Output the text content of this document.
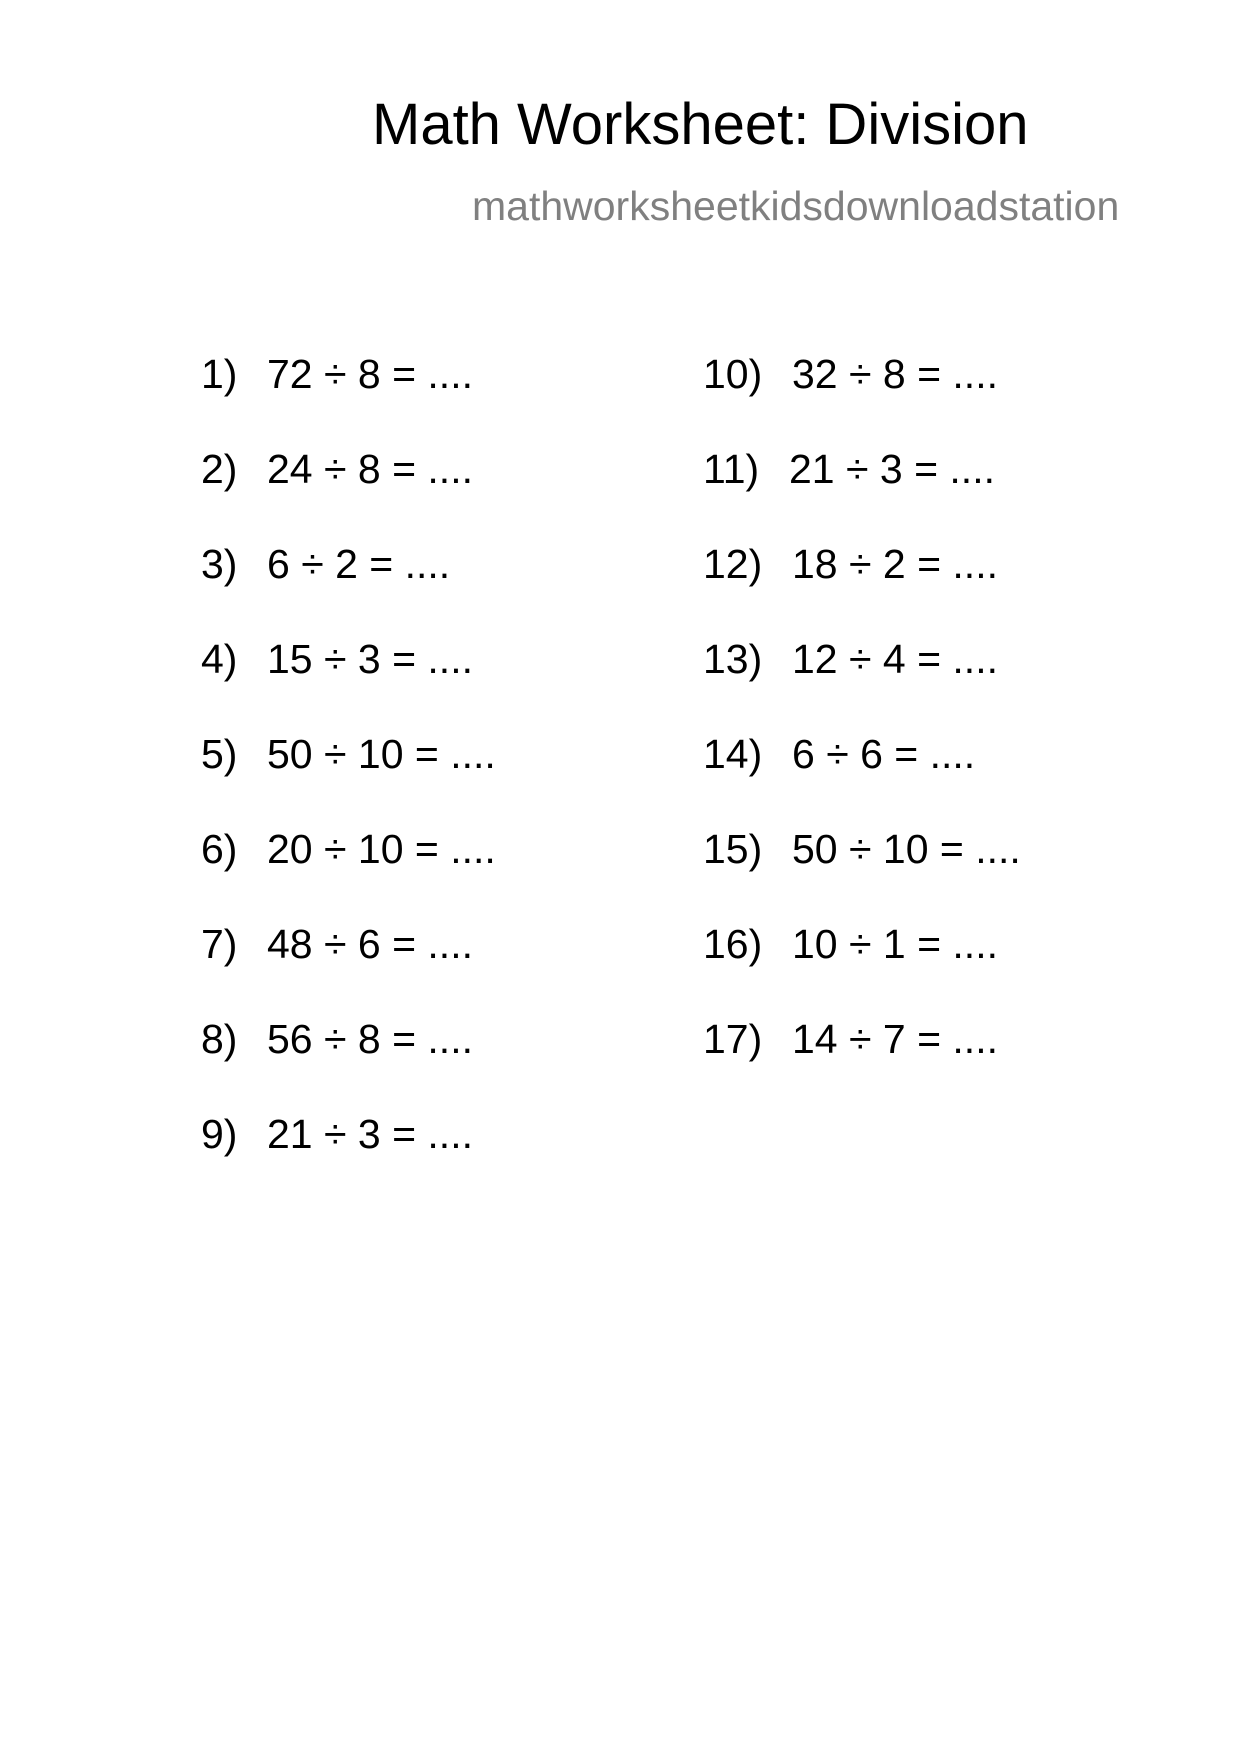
Math Worksheet: Division
mathworksheetkidsdownloadstation
1) 72 ÷ 8 = ....
2) 24 ÷ 8 = ....
3) 6 ÷ 2 = ....
4) 15 ÷ 3 = ....
5) 50 ÷ 10 = ....
6) 20 ÷ 10 = ....
7) 48 ÷ 6 = ....
8) 56 ÷ 8 = ....
9) 21 ÷ 3 = ....
10) 32 ÷ 8 = ....
11) 21 ÷ 3 = ....
12) 18 ÷ 2 = ....
13) 12 ÷ 4 = ....
14) 6 ÷ 6 = ....
15) 50 ÷ 10 = ....
16) 10 ÷ 1 = ....
17) 14 ÷ 7 = ....
